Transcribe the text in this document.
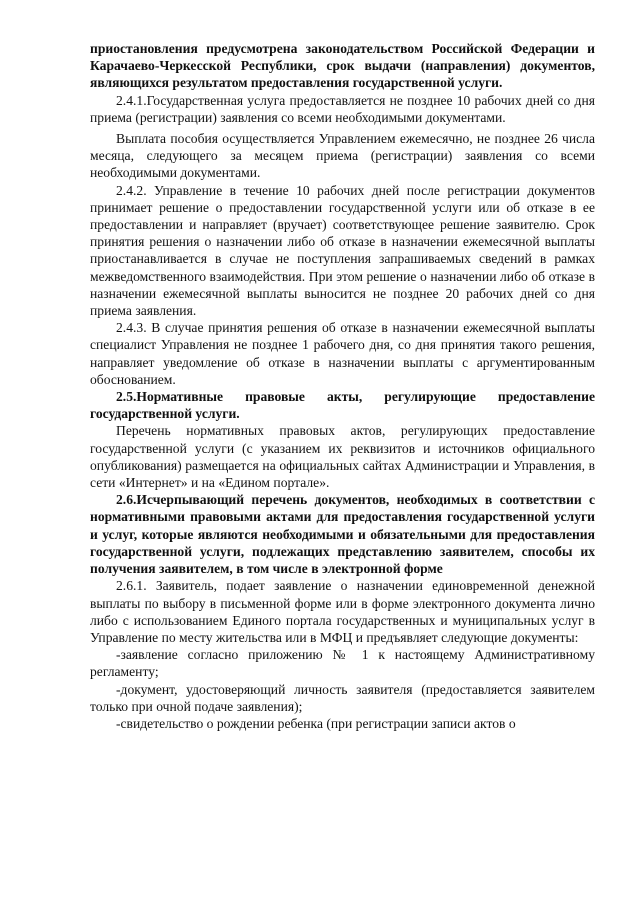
приостановления предусмотрена законодательством Российской Федерации и Карачаево-Черкесской Республики, срок выдачи (направления) документов, являющихся результатом предоставления государственной услуги.

2.4.1.Государственная услуга предоставляется не позднее 10 рабочих дней со дня приема (регистрации) заявления со всеми необходимыми документами.

Выплата пособия осуществляется Управлением ежемесячно, не позднее 26 числа месяца, следующего за месяцем приема (регистрации) заявления со всеми необходимыми документами.

2.4.2. Управление в течение 10 рабочих дней после регистрации документов принимает решение о предоставлении государственной услуги или об отказе в ее предоставлении и направляет (вручает) соответствующее решение заявителю. Срок принятия решения о назначении либо об отказе в назначении ежемесячной выплаты приостанавливается в случае не поступления запрашиваемых сведений в рамках межведомственного взаимодействия. При этом решение о назначении либо об отказе в назначении ежемесячной выплаты выносится не позднее 20 рабочих дней со дня приема заявления.

2.4.3. В случае принятия решения об отказе в назначении ежемесячной выплаты специалист Управления не позднее 1 рабочего дня, со дня принятия такого решения, направляет уведомление об отказе в назначении выплаты с аргументированным обоснованием.

2.5.Нормативные правовые акты, регулирующие предоставление государственной услуги.

Перечень нормативных правовых актов, регулирующих предоставление государственной услуги (с указанием их реквизитов и источников официального опубликования) размещается на официальных сайтах Администрации и Управления, в сети «Интернет» и на «Едином портале».

2.6.Исчерпывающий перечень документов, необходимых в соответствии с нормативными правовыми актами для предоставления государственной услуги и услуг, которые являются необходимыми и обязательными для предоставления государственной услуги, подлежащих представлению заявителем, способы их получения заявителем, в том числе в электронной форме

2.6.1. Заявитель, подает заявление о назначении единовременной денежной выплаты по выбору в письменной форме или в форме электронного документа лично либо с использованием Единого портала государственных и муниципальных услуг в Управление по месту жительства или в МФЦ и предъявляет следующие документы:

-заявление согласно приложению № 1 к настоящему Административному регламенту;

-документ, удостоверяющий личность заявителя (предоставляется заявителем только при очной подаче заявления);

-свидетельство о рождении ребенка (при регистрации записи актов о
